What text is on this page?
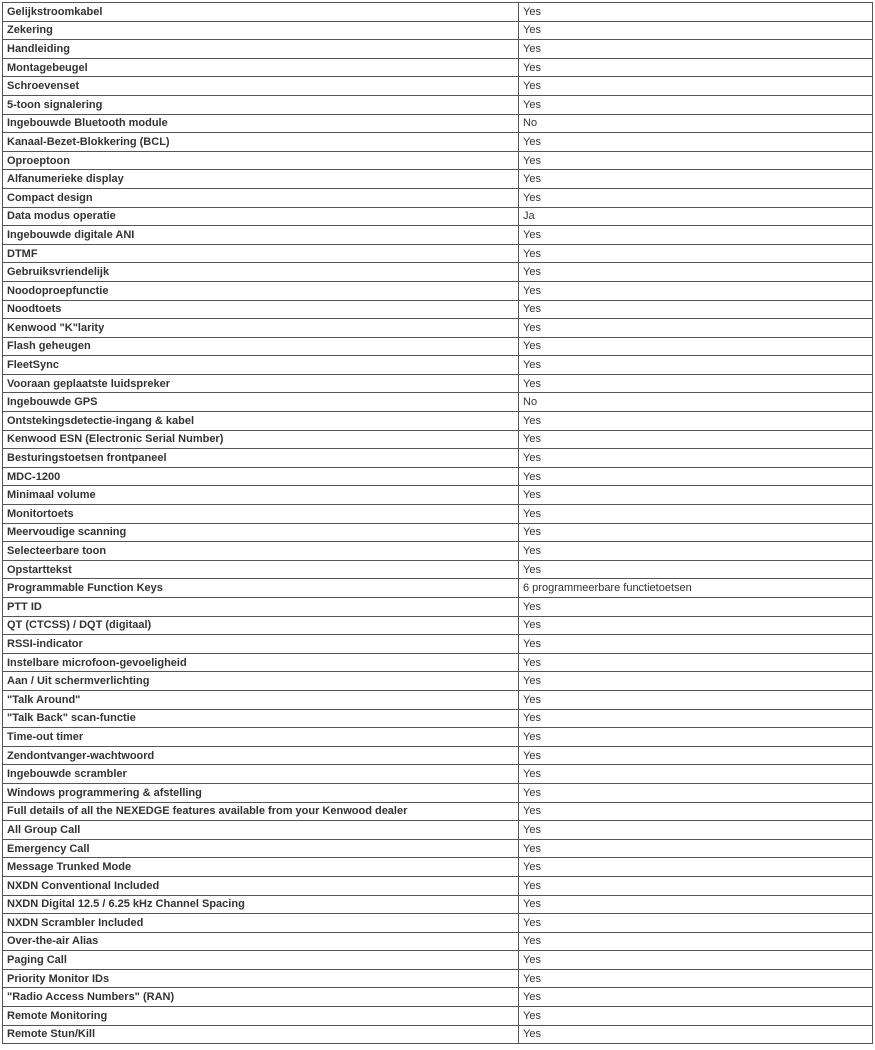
Gelijkstroomkabel	Yes
Zekering	Yes
Handleiding	Yes
Montagebeugel	Yes
Schroevenset	Yes
5-toon signalering	Yes
Ingebouwde Bluetooth module	No
Kanaal-Bezet-Blokkering (BCL)	Yes
Oproeptoon	Yes
Alfanumerieke display	Yes
Compact design	Yes
Data modus operatie	Ja
Ingebouwde digitale ANI	Yes
DTMF	Yes
Gebruiksvriendelijk	Yes
Noodoproepfunctie	Yes
Noodtoets	Yes
Kenwood "K"larity	Yes
Flash geheugen	Yes
FleetSync	Yes
Vooraan geplaatste luidspreker	Yes
Ingebouwde GPS	No
Ontstekingsdetectie-ingang & kabel	Yes
Kenwood ESN (Electronic Serial Number)	Yes
Besturingstoetsen frontpaneel	Yes
MDC-1200	Yes
Minimaal volume	Yes
Monitortoets	Yes
Meervoudige scanning	Yes
Selecteerbare toon	Yes
Opstarttekst	Yes
Programmable Function Keys	6 programmeerbare functietoetsen
PTT ID	Yes
QT (CTCSS) / DQT (digitaal)	Yes
RSSI-indicator	Yes
Instelbare microfoon-gevoeligheid	Yes
Aan / Uit schermverlichting	Yes
"Talk Around"	Yes
"Talk Back" scan-functie	Yes
Time-out timer	Yes
Zendontvanger-wachtwoord	Yes
Ingebouwde scrambler	Yes
Windows programmering & afstelling	Yes
Full details of all the NEXEDGE features available from your Kenwood dealer	Yes
All Group Call	Yes
Emergency Call	Yes
Message Trunked Mode	Yes
NXDN Conventional Included	Yes
NXDN Digital 12.5 / 6.25 kHz Channel Spacing	Yes
NXDN Scrambler Included	Yes
Over-the-air Alias	Yes
Paging Call	Yes
Priority Monitor IDs	Yes
"Radio Access Numbers" (RAN)	Yes
Remote Monitoring	Yes
Remote Stun/Kill	Yes
